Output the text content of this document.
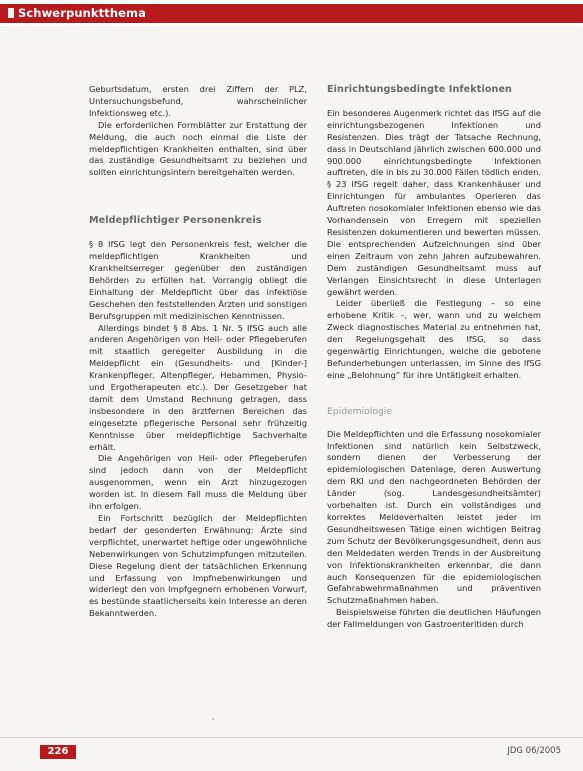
Schwerpunktthema

Geburtsdatum, ersten drei Ziffern der PLZ, Untersuchungsbefund, wahrscheinlicher Infektionsweg etc.).

Die erforderlichen Formblätter zur Erstattung der Meldung, die auch noch einmal die Liste der meldepflichtigen Krankheiten enthalten, sind über das zuständige Gesundheitsamt zu beziehen und sollten einrichtungsintern bereitgehalten werden.

Meldepflichtiger Personenkreis

§ 8 IfSG legt den Personenkreis fest, welcher die meldepflichtigen Krankheiten und Krankheitserreger gegenüber den zuständigen Behörden zu erfüllen hat. Vorrangig obliegt die Einhaltung der Meldepflicht über das infektiöse Geschehen den feststellenden Ärzten und sonstigen Berufsgruppen mit medizinischen Kenntnissen.

Allerdings bindet § 8 Abs. 1 Nr. 5 IfSG auch alle anderen Angehörigen von Heil- oder Pflegeberufen mit staatlich geregelter Ausbildung in die Meldepflicht ein (Gesundheits- und [Kinder-] Krankenpfleger, Altenpfleger, Hebammen, Physio- und Ergotherapeuten etc.). Der Gesetzgeber hat damit dem Umstand Rechnung getragen, dass insbesondere in den ärztfernen Bereichen das eingesetzte pflegerische Personal sehr frühzeitig Kenntnisse über meldepflichtige Sachverhalte erhält.

Die Angehörigen von Heil- oder Pflegeberufen sind jedoch dann von der Meldepflicht ausgenommen, wenn ein Arzt hinzugezogen worden ist. In diesem Fall muss die Meldung über ihn erfolgen.

Ein Fortschritt bezüglich der Meldepflichten bedarf der gesonderten Erwähnung: Ärzte sind verpflichtet, unerwartet heftige oder ungewöhnliche Nebenwirkungen von Schutzimpfungen mitzuteilen. Diese Regelung dient der tatsächlichen Erkennung und Erfassung von Impfnebenwirkungen und widerlegt den von Impfgegnern erhobenen Vorwurf, es bestünde staatlicherseits kein Interesse an deren Bekanntwerden.

Einrichtungsbedingte Infektionen

Ein besonderes Augenmerk richtet das IfSG auf die einrichtungsbezogenen Infektionen und Resistenzen. Dies trägt der Tatsache Rechnung, dass in Deutschland jährlich zwischen 600.000 und 900.000 einrichtungsbedingte Infektionen auftreten, die in bis zu 30.000 Fällen tödlich enden. § 23 IfSG regelt daher, dass Krankenhäuser und Einrichtungen für ambulantes Operieren das Auftreten nosokomialer Infektionen ebenso wie das Vorhandensein von Erregern mit speziellen Resistenzen dokumentieren und bewerten müssen. Die entsprechenden Aufzeichnungen sind über einen Zeitraum von zehn Jahren aufzubewahren. Dem zuständigen Gesundheitsamt muss auf Verlangen Einsichtsrecht in diese Unterlagen gewährt werden.

Leider überließ die Festlegung – so eine erhobene Kritik –, wer, wann und zu welchem Zweck diagnostisches Material zu entnehmen hat, den Regelungsgehalt des IfSG, so dass gegenwärtig Einrichtungen, welche die gebotene Befunderhebungen unterlassen, im Sinne des IfSG eine „Belohnung“ für ihre Untätigkeit erhalten.

Epidemiologie

Die Meldepflichten und die Erfassung nosokomialer Infektionen sind natürlich kein Selbstzweck, sondern dienen der Verbesserung der epidemiologischen Datenlage, deren Auswertung dem RKI und den nachgeordneten Behörden der Länder (sog. Landesgesundheitsämter) vorbehalten ist. Durch ein vollständiges und korrektes Meldeverhalten leistet jeder im Gesundheitswesen Tätige einen wichtigen Beitrag zum Schutz der Bevölkerungsgesundheit, denn aus den Meldedaten werden Trends in der Ausbreitung von Infektionskrankheiten erkennbar, die dann auch Konsequenzen für die epidemiologischen Gefahrabwehrmaßnahmen und präventiven Schutzmaßnahmen haben.

Beispielsweise führten die deutlichen Häufungen der Fallmeldungen von Gastroenteritiden durch

226	JDG 06/2005
